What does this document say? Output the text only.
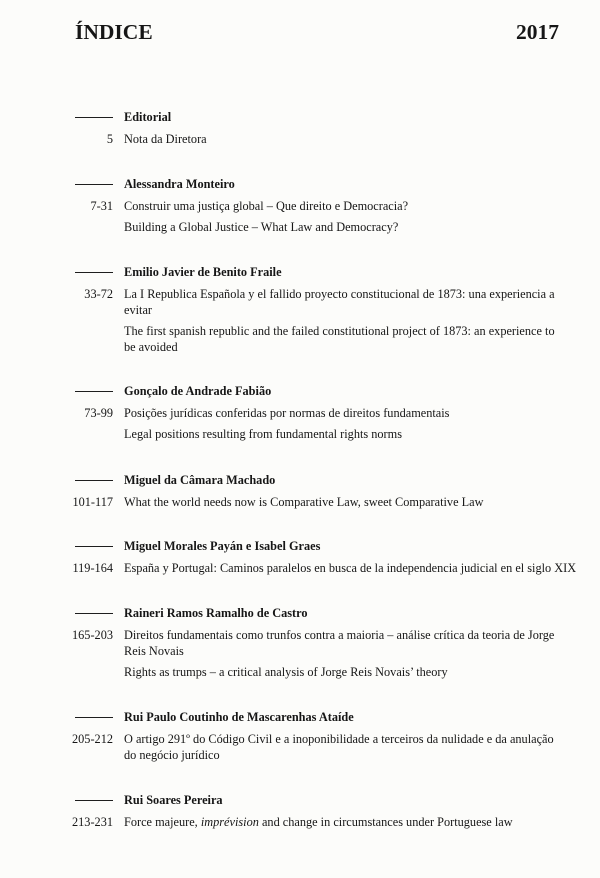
ÍNDICE	2017
Editorial
5 Nota da Diretora
Alessandra Monteiro
7-31 Construir uma justiça global – Que direito e Democracia?
Building a Global Justice – What Law and Democracy?
Emilio Javier de Benito Fraile
33-72 La I Republica Española y el fallido proyecto constitucional de 1873: una experiencia a
evitar
The first spanish republic and the failed constitutional project of 1873: an experience to
be avoided
Gonçalo de Andrade Fabião
73-99 Posições jurídicas conferidas por normas de direitos fundamentais
Legal positions resulting from fundamental rights norms
Miguel da Câmara Machado
101-117 What the world needs now is Comparative Law, sweet Comparative Law
Miguel Morales Payán e Isabel Graes
119-164 España y Portugal: Caminos paralelos en busca de la independencia judicial en el siglo XIX
Raineri Ramos Ramalho de Castro
165-203 Direitos fundamentais como trunfos contra a maioria – análise crítica da teoria de Jorge
Reis Novais
Rights as trumps – a critical analysis of Jorge Reis Novais’ theory
Rui Paulo Coutinho de Mascarenhas Ataíde
205-212 O artigo 291º do Código Civil e a inoponibilidade a terceiros da nulidade e da anulação
do negócio jurídico
Rui Soares Pereira
213-231 Force majeure, imprévision and change in circumstances under Portuguese law
